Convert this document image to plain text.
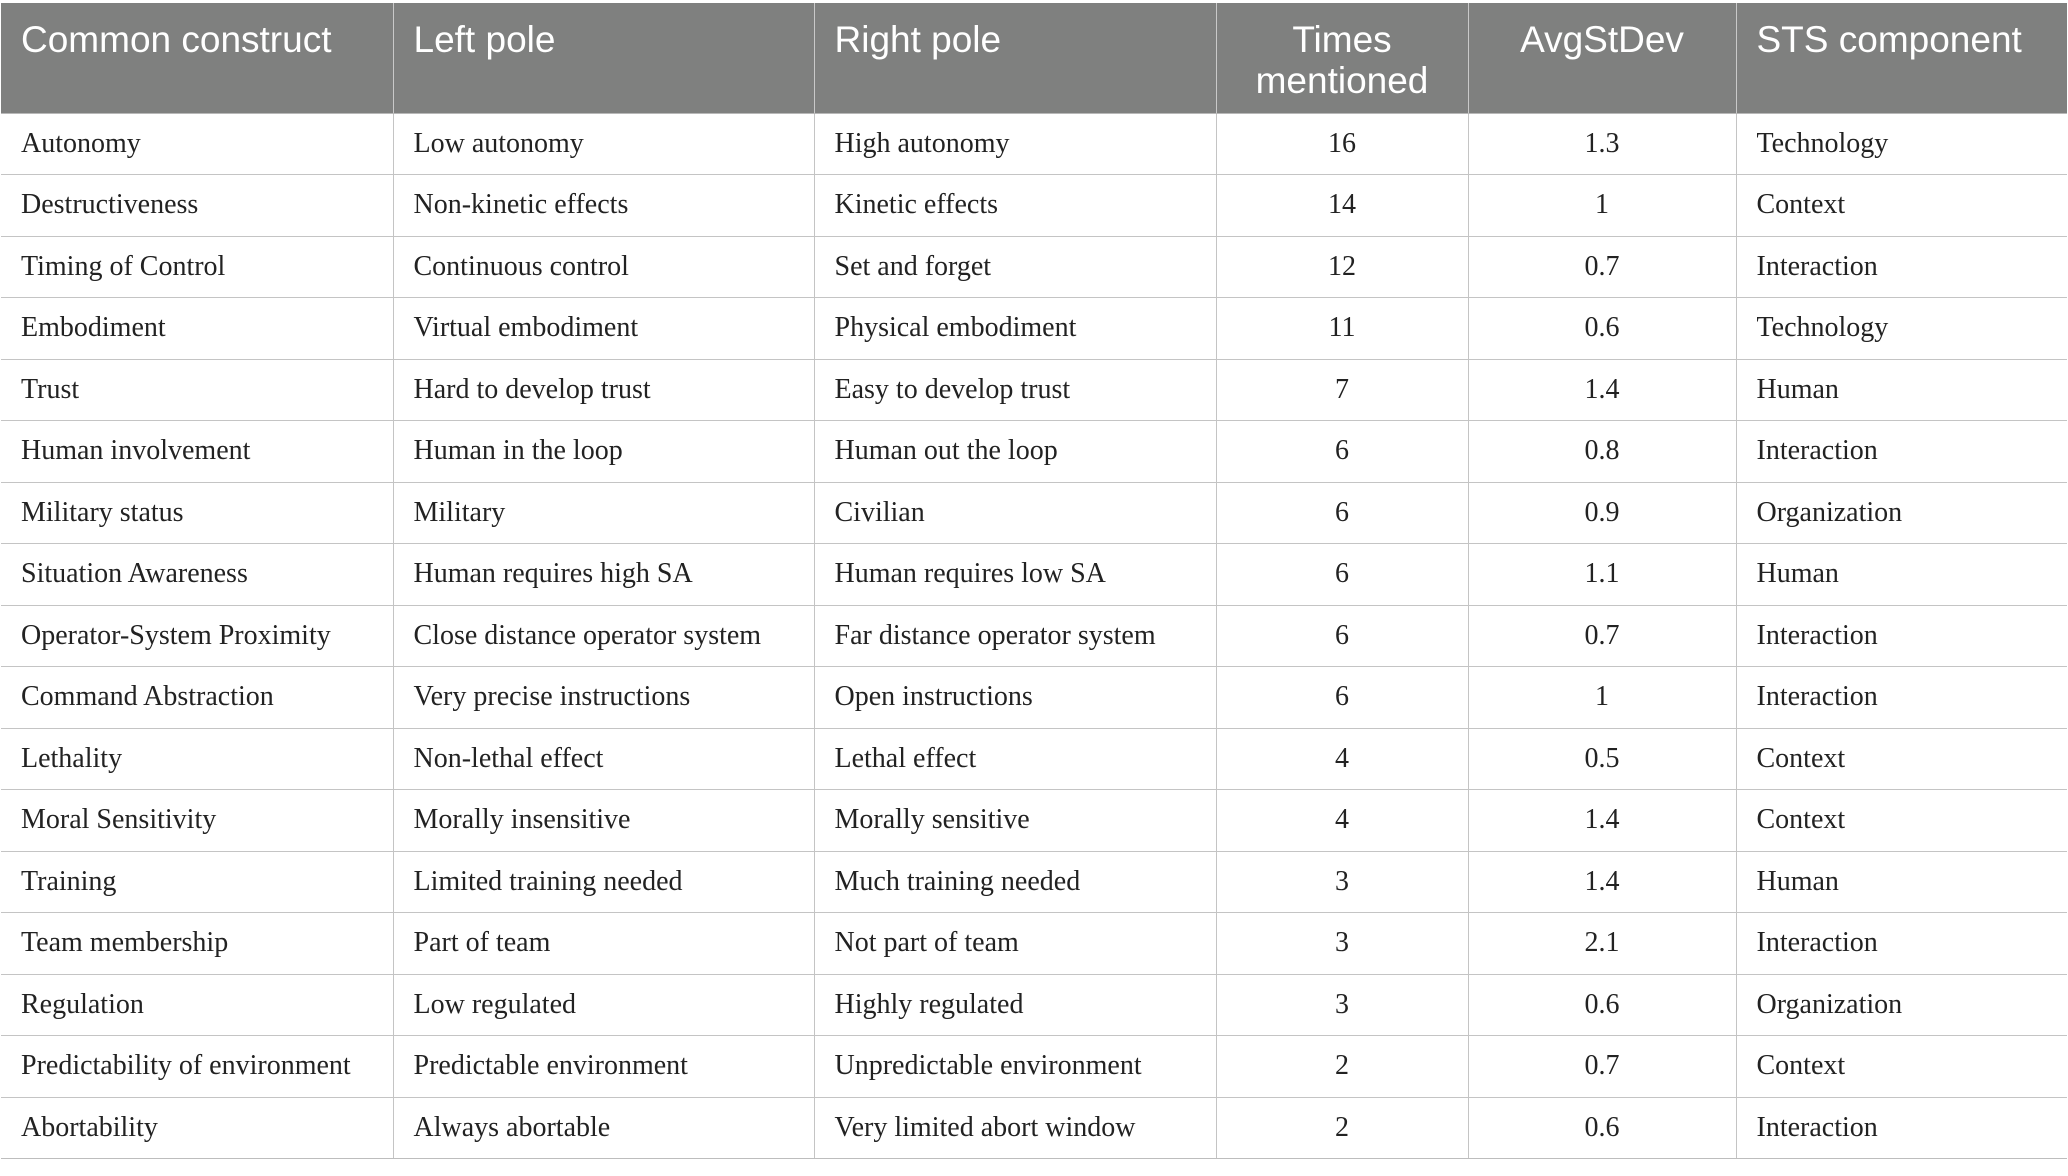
Common construct	Left pole	Right pole	Times mentioned	AvgStDev	STS component
Autonomy	Low autonomy	High autonomy	16	1.3	Technology
Destructiveness	Non-kinetic effects	Kinetic effects	14	1	Context
Timing of Control	Continuous control	Set and forget	12	0.7	Interaction
Embodiment	Virtual embodiment	Physical embodiment	11	0.6	Technology
Trust	Hard to develop trust	Easy to develop trust	7	1.4	Human
Human involvement	Human in the loop	Human out the loop	6	0.8	Interaction
Military status	Military	Civilian	6	0.9	Organization
Situation Awareness	Human requires high SA	Human requires low SA	6	1.1	Human
Operator-System Proximity	Close distance operator system	Far distance operator system	6	0.7	Interaction
Command Abstraction	Very precise instructions	Open instructions	6	1	Interaction
Lethality	Non-lethal effect	Lethal effect	4	0.5	Context
Moral Sensitivity	Morally insensitive	Morally sensitive	4	1.4	Context
Training	Limited training needed	Much training needed	3	1.4	Human
Team membership	Part of team	Not part of team	3	2.1	Interaction
Regulation	Low regulated	Highly regulated	3	0.6	Organization
Predictability of environment	Predictable environment	Unpredictable environment	2	0.7	Context
Abortability	Always abortable	Very limited abort window	2	0.6	Interaction
